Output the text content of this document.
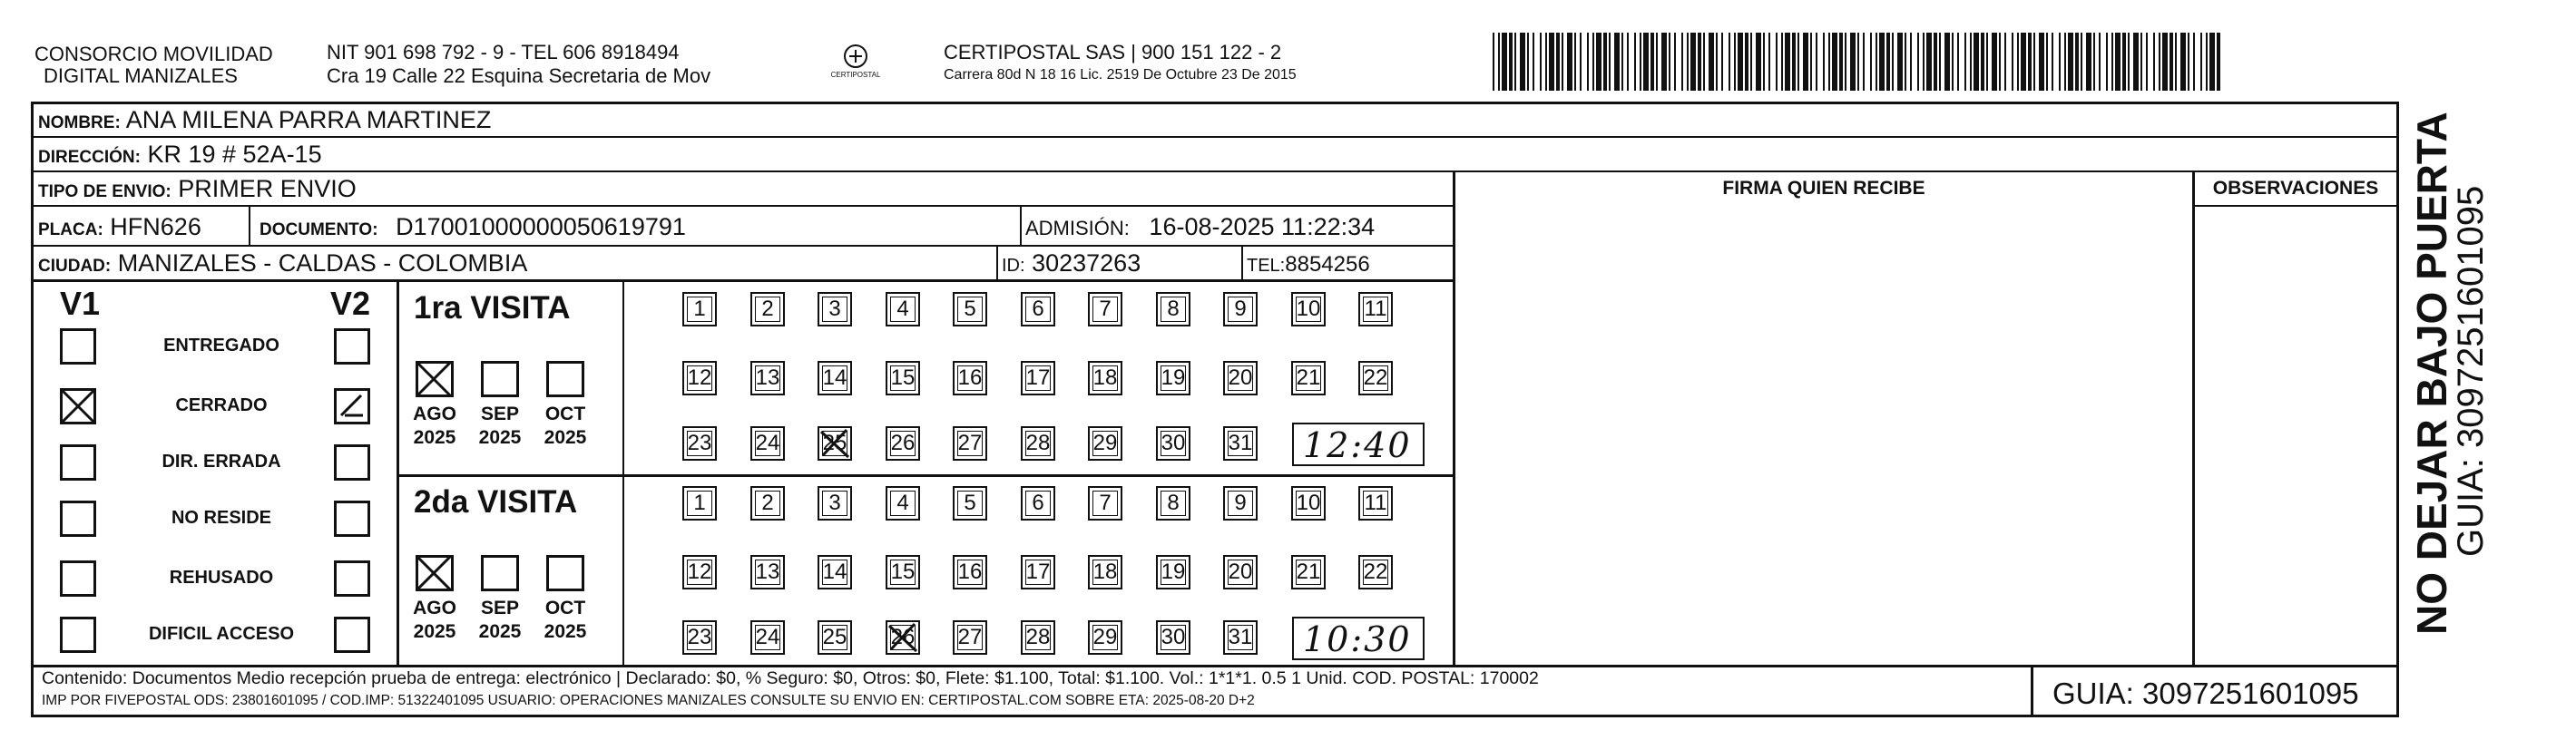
CONSORCIO MOVILIDAD
DIGITAL MANIZALES
NIT 901 698 792 - 9 - TEL 606 8918494
Cra 19 Calle 22 Esquina Secretaria de Mov	CERTIPOSTAL
CERTIPOSTAL SAS | 900 151 122 - 2
Carrera 80d N 18 16 Lic. 2519 De Octubre 23 De 2015
NOMBRE: ANA MILENA PARRA MARTINEZ
DIRECCIÓN: KR 19 # 52A-15
TIPO DE ENVIO: PRIMER ENVIO
PLACA: HFN626	DOCUMENTO: D17001000000050619791	ADMISIÓN: 16-08-2025 11:22:34
CIUDAD: MANIZALES - CALDAS - COLOMBIA	ID: 30237263	TEL:8854256
FIRMA QUIEN RECIBE	OBSERVACIONES
V1	V2
ENTREGADO
CERRADO
DIR. ERRADA
NO RESIDE
REHUSADO
DIFICIL ACCESO
1ra VISITA
2da VISITA
AGO
2025
SEP
2025
OCT
2025
1	2	3	4	5	6	7	8	9	10 11
12 13 14 15 16 17 18 19 20 21 22
23 24 25 26 27 28 29 30 31 12:40
AGO
2025
SEP
2025
OCT
2025
1	2	3	4	5	6	7	8	9	10 11
12 13 14 15 16 17 18 19 20 21 22
23 24 25 26 27 28 29 30 31 10:30
Contenido: Documentos Medio recepción prueba de entrega: electrónico | Declarado: $0, % Seguro: $0, Otros: $0, Flete: $1.100, Total: $1.100. Vol.: 1*1*1. 0.5 1 Unid. COD. POSTAL: 170002
IMP POR FIVEPOSTAL ODS: 23801601095 / COD.IMP: 51322401095 USUARIO: OPERACIONES MANIZALES CONSULTE SU ENVIO EN: CERTIPOSTAL.COM SOBRE ETA: 2025-08-20 D+2	GUIA: 3097251601095
NO DEJAR BAJO PUERTA
GUIA: 3097251601095
